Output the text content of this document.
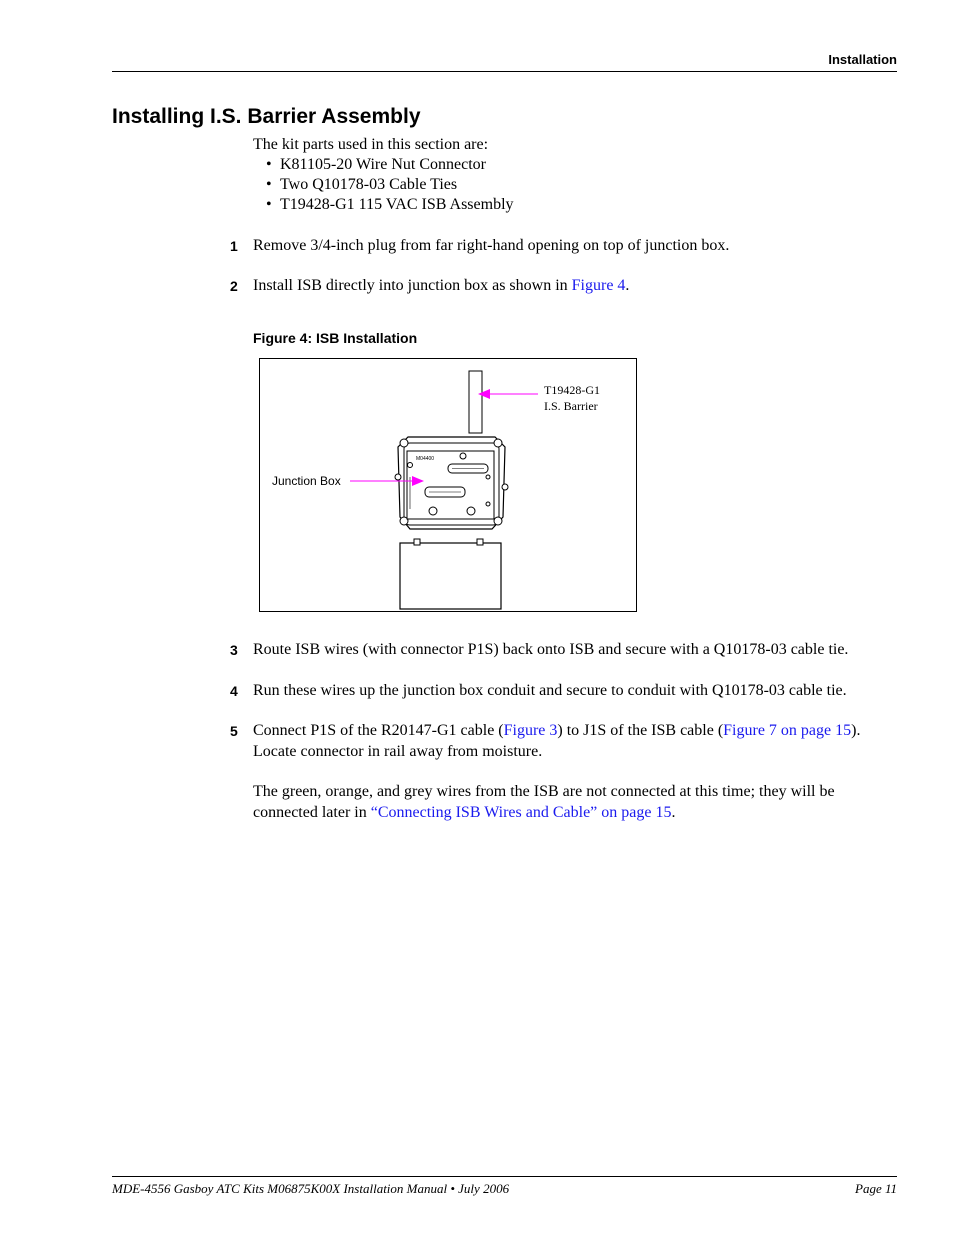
Installation
Installing I.S. Barrier Assembly
The kit parts used in this section are:
• K81105-20 Wire Nut Connector
• Two Q10178-03 Cable Ties
• T19428-G1 115 VAC ISB Assembly
1 Remove 3/4-inch plug from far right-hand opening on top of junction box.
2 Install ISB directly into junction box as shown in Figure 4.
Figure 4: ISB Installation
M04400
T19428-G1
I.S. Barrier
Junction Box
3 Route ISB wires (with connector P1S) back onto ISB and secure with a Q10178-03 cable tie.
4 Run these wires up the junction box conduit and secure to conduit with Q10178-03 cable tie.
5 Connect P1S of the R20147-G1 cable (Figure 3) to J1S of the ISB cable (Figure 7 on page 15). Locate connector in rail away from moisture.
The green, orange, and grey wires from the ISB are not connected at this time; they will be connected later in “Connecting ISB Wires and Cable” on page 15.
MDE-4556 Gasboy ATC Kits M06875K00X Installation Manual • July 2006	Page 11
